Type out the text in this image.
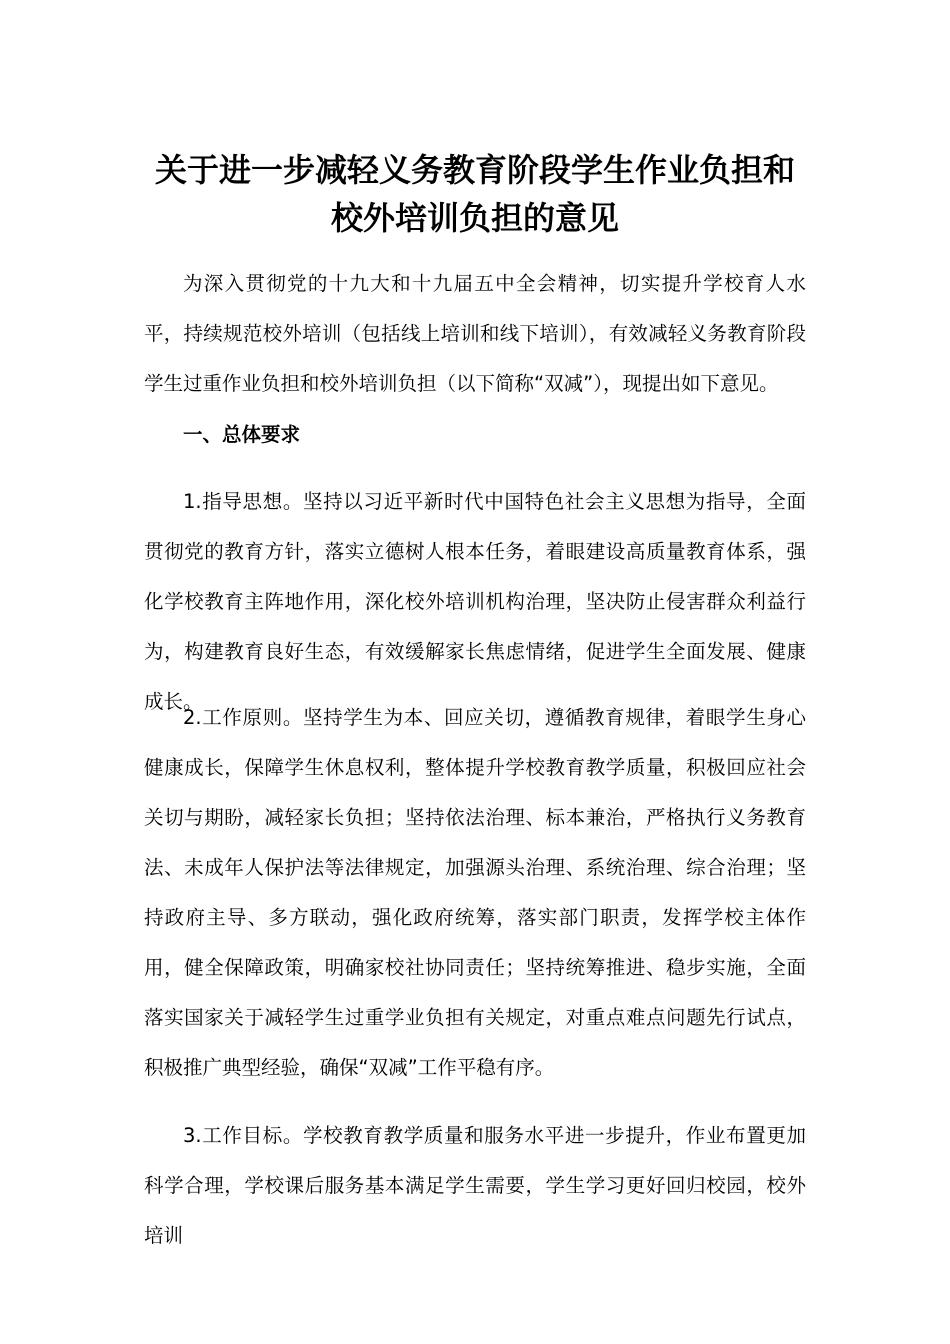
关于进一步减轻义务教育阶段学生作业负担和
校外培训负担的意见

为深入贯彻党的十九大和十九届五中全会精神，切实提升学校育人水平，持续规范校外培训（包括线上培训和线下培训），有效减轻义务教育阶段学生过重作业负担和校外培训负担（以下简称“双减”），现提出如下意见。

一、总体要求

1.指导思想。坚持以习近平新时代中国特色社会主义思想为指导，全面贯彻党的教育方针，落实立德树人根本任务，着眼建设高质量教育体系，强化学校教育主阵地作用，深化校外培训机构治理，坚决防止侵害群众利益行为，构建教育良好生态，有效缓解家长焦虑情绪，促进学生全面发展、健康成长。

2.工作原则。坚持学生为本、回应关切，遵循教育规律，着眼学生身心健康成长，保障学生休息权利，整体提升学校教育教学质量，积极回应社会关切与期盼，减轻家长负担；坚持依法治理、标本兼治，严格执行义务教育法、未成年人保护法等法律规定，加强源头治理、系统治理、综合治理；坚持政府主导、多方联动，强化政府统筹，落实部门职责，发挥学校主体作用，健全保障政策，明确家校社协同责任；坚持统筹推进、稳步实施，全面落实国家关于减轻学生过重学业负担有关规定，对重点难点问题先行试点，积极推广典型经验，确保“双减”工作平稳有序。

3.工作目标。学校教育教学质量和服务水平进一步提升，作业布置更加科学合理，学校课后服务基本满足学生需要，学生学习更好回归校园，校外培训
